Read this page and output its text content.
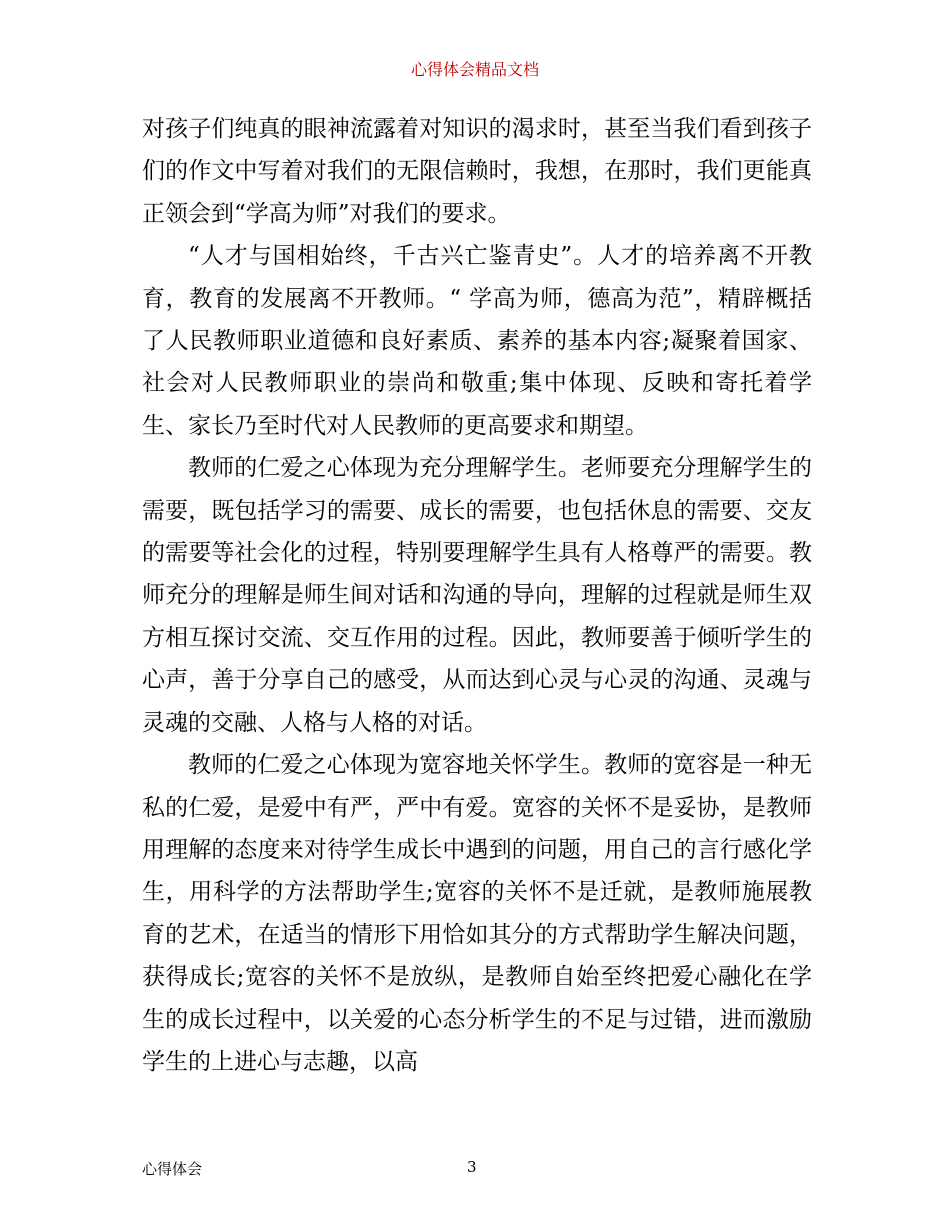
心得体会精品文档

对孩子们纯真的眼神流露着对知识的渴求时，甚至当我们看到孩子们的作文中写着对我们的无限信赖时，我想，在那时，我们更能真正领会到“学高为师”对我们的要求。

“人才与国相始终，千古兴亡鉴青史”。人才的培养离不开教育，教育的发展离不开教师。“ 学高为师，德高为范”，精辟概括了人民教师职业道德和良好素质、素养的基本内容;凝聚着国家、社会对人民教师职业的崇尚和敬重;集中体现、反映和寄托着学生、家长乃至时代对人民教师的更高要求和期望。

教师的仁爱之心体现为充分理解学生。老师要充分理解学生的需要，既包括学习的需要、成长的需要，也包括休息的需要、交友的需要等社会化的过程，特别要理解学生具有人格尊严的需要。教师充分的理解是师生间对话和沟通的导向，理解的过程就是师生双方相互探讨交流、交互作用的过程。因此，教师要善于倾听学生的心声，善于分享自己的感受，从而达到心灵与心灵的沟通、灵魂与灵魂的交融、人格与人格的对话。

教师的仁爱之心体现为宽容地关怀学生。教师的宽容是一种无私的仁爱，是爱中有严，严中有爱。宽容的关怀不是妥协，是教师用理解的态度来对待学生成长中遇到的问题，用自己的言行感化学生，用科学的方法帮助学生;宽容的关怀不是迁就，是教师施展教育的艺术，在适当的情形下用恰如其分的方式帮助学生解决问题，获得成长;宽容的关怀不是放纵，是教师自始至终把爱心融化在学生的成长过程中，以关爱的心态分析学生的不足与过错，进而激励学生的上进心与志趣，以高

心得体会	3
